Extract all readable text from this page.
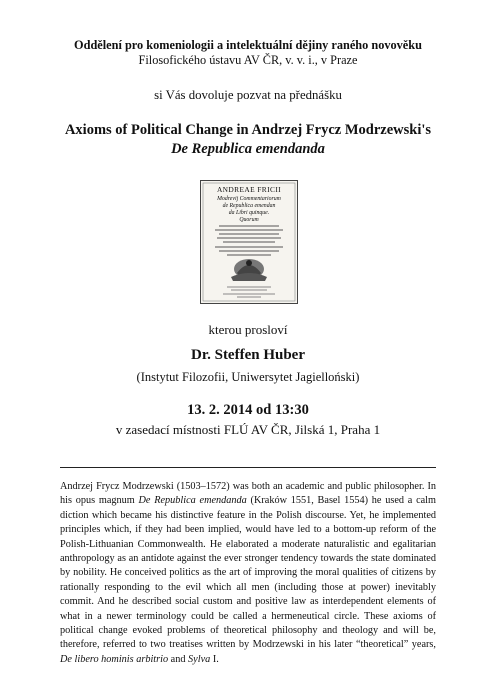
Oddělení pro komeniologii a intelektuální dějiny raného novověku
Filosofického ústavu AV ČR, v. v. i., v Praze
si Vás dovoluje pozvat na přednášku
Axioms of Political Change in Andrzej Frycz Modrzewski's
De Republica emendanda
ANDREAE FRICII
Modrevij Commentariorum
de Republica emendan
da Libri quinque.
Quorum
kterou prosloví
Dr. Steffen Huber
(Instytut Filozofii, Uniwersytet Jagielloński)
13. 2. 2014 od 13:30
v zasedací místnosti FLÚ AV ČR, Jilská 1, Praha 1
Andrzej Frycz Modrzewski (1503–1572) was both an academic and public philosopher. In his opus magnum De Republica emendanda (Kraków 1551, Basel 1554) he used a calm diction which became his distinctive feature in the Polish discourse. Yet, he implemented principles which, if they had been implied, would have led to a bottom-up reform of the Polish-Lithuanian Commonwealth. He elaborated a moderate naturalistic and egalitarian anthropology as an antidote against the ever stronger tendency towards the state dominated by nobility. He conceived politics as the art of improving the moral qualities of citizens by rationally responding to the evil which all men (including those at power) inevitably commit. And he described social custom and positive law as interdependent elements of what in a newer terminology could be called a hermeneutical circle. These axioms of political change evoked problems of theoretical philosophy and theology and will be, therefore, referred to two treatises written by Modrzewski in his later “theoretical” years, De libero hominis arbitrio and Sylva I.
